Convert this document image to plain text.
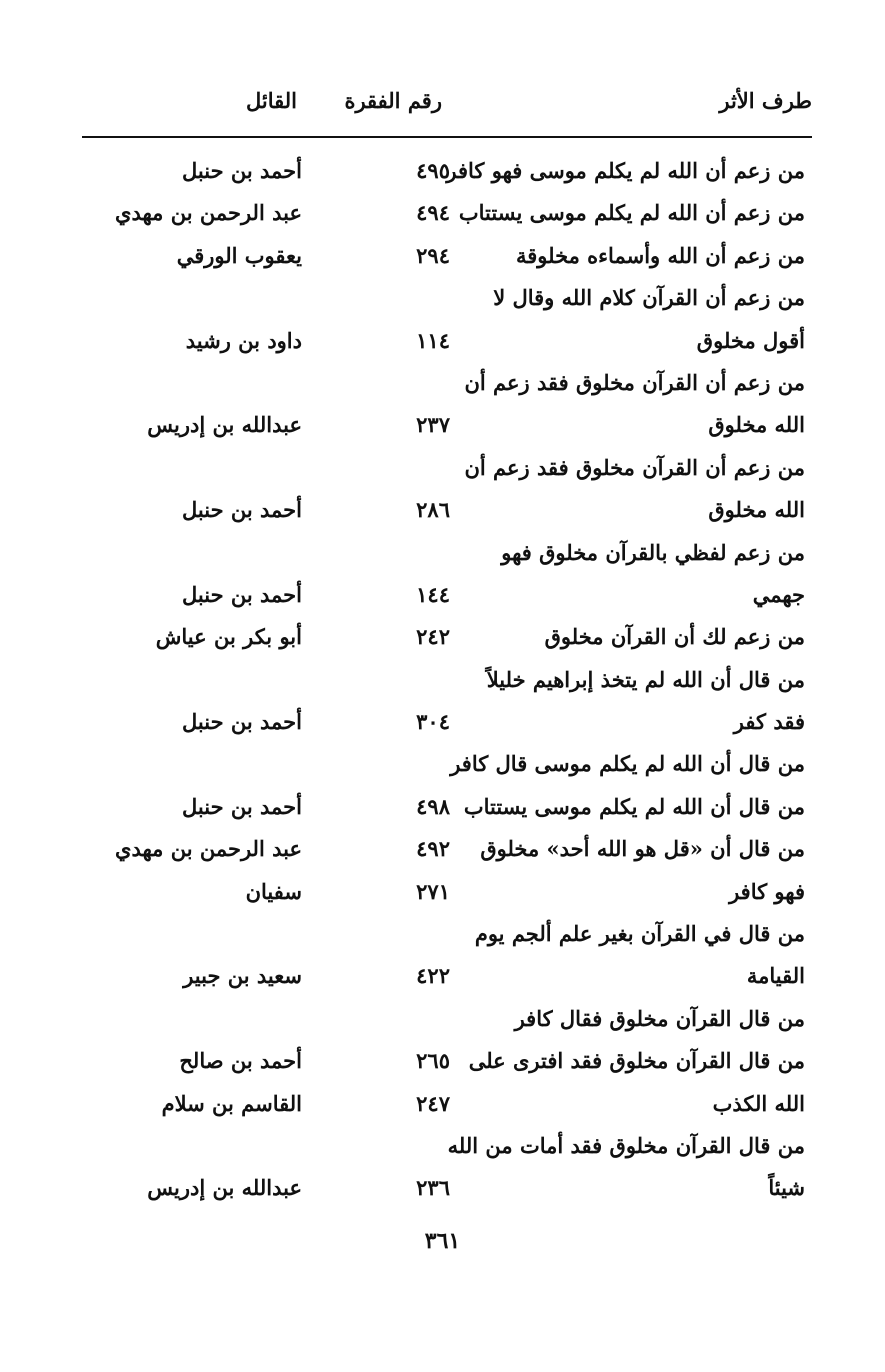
طرف الأثر
رقم الفقرة
القائل
من زعم أن الله لم يكلم موسى فهو كافر
٤٩٥
أحمد بن حنبل
من زعم أن الله لم يكلم موسى يستتاب
٤٩٤
عبد الرحمن بن مهدي
من زعم أن الله وأسماءه مخلوقة
٢٩٤
يعقوب الورقي
من زعم أن القرآن كلام الله وقال لا
أقول مخلوق
١١٤
داود بن رشيد
من زعم أن القرآن مخلوق فقد زعم أن
الله مخلوق
٢٣٧
عبدالله بن إدريس
من زعم أن القرآن مخلوق فقد زعم أن
الله مخلوق
٢٨٦
أحمد بن حنبل
من زعم لفظي بالقرآن مخلوق فهو
جهمي
١٤٤
أحمد بن حنبل
من زعم لك أن القرآن مخلوق
٢٤٢
أبو بكر بن عياش
من قال أن الله لم يتخذ إبراهيم خليلاً
فقد كفر
٣٠٤
أحمد بن حنبل
من قال أن الله لم يكلم موسى قال كافر
من قال أن الله لم يكلم موسى يستتاب
٤٩٨
أحمد بن حنبل
من قال أن «قل هو الله أحد» مخلوق
٤٩٢
عبد الرحمن بن مهدي
فهو كافر
٢٧١
سفيان
من قال في القرآن بغير علم ألجم يوم
القيامة
٤٢٢
سعيد بن جبير
من قال القرآن مخلوق فقال كافر
من قال القرآن مخلوق فقد افترى على
٢٦٥
أحمد بن صالح
الله الكذب
٢٤٧
القاسم بن سلام
من قال القرآن مخلوق فقد أمات من الله
شيئاً
٢٣٦
عبدالله بن إدريس
٣٦١
